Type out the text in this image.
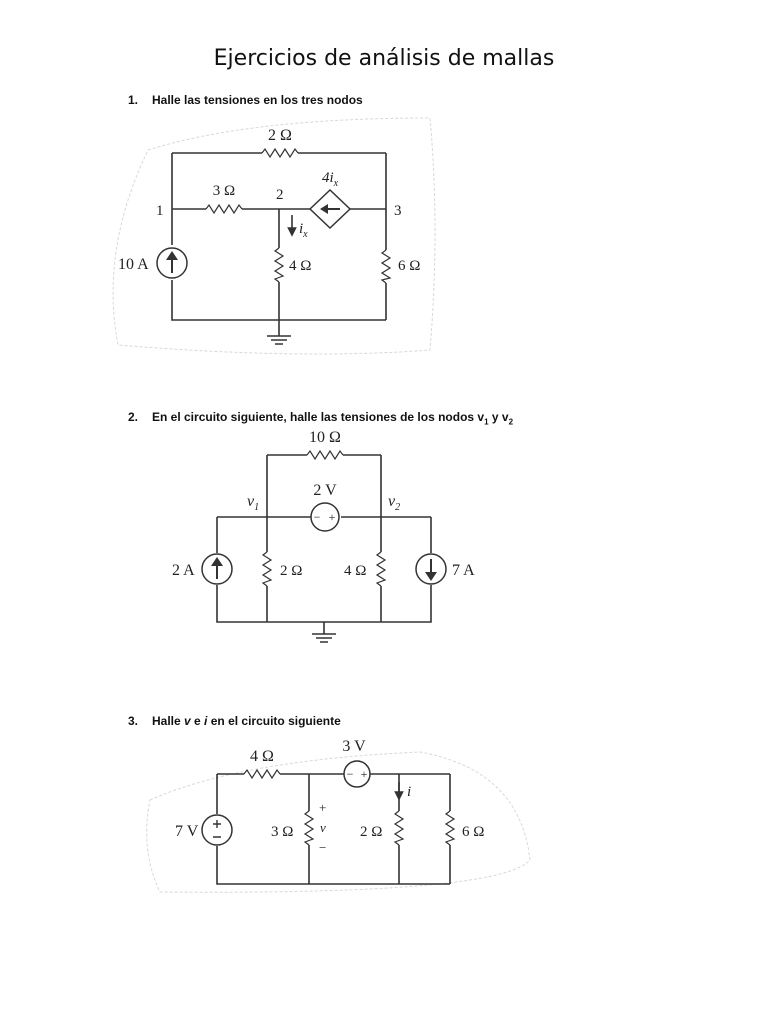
Ejercicios de análisis de mallas
1. Halle las tensiones en los tres nodos
2. En el circuito siguiente, halle las tensiones de los nodos $v_1$ y $v_2$
3. Halle v e i en el circuito siguiente
2 Ω
3 Ω
$4i_x$
1
2
3
$i_x$
10 A	4 Ω	6 Ω
− +
10 Ω
$v_1$	$v_2$
2 V
2 A	2 Ω	4 Ω	7 A
− +
4 Ω
3 V
7 V	3 Ω
+
v
−
2 Ω
i
6 Ω
